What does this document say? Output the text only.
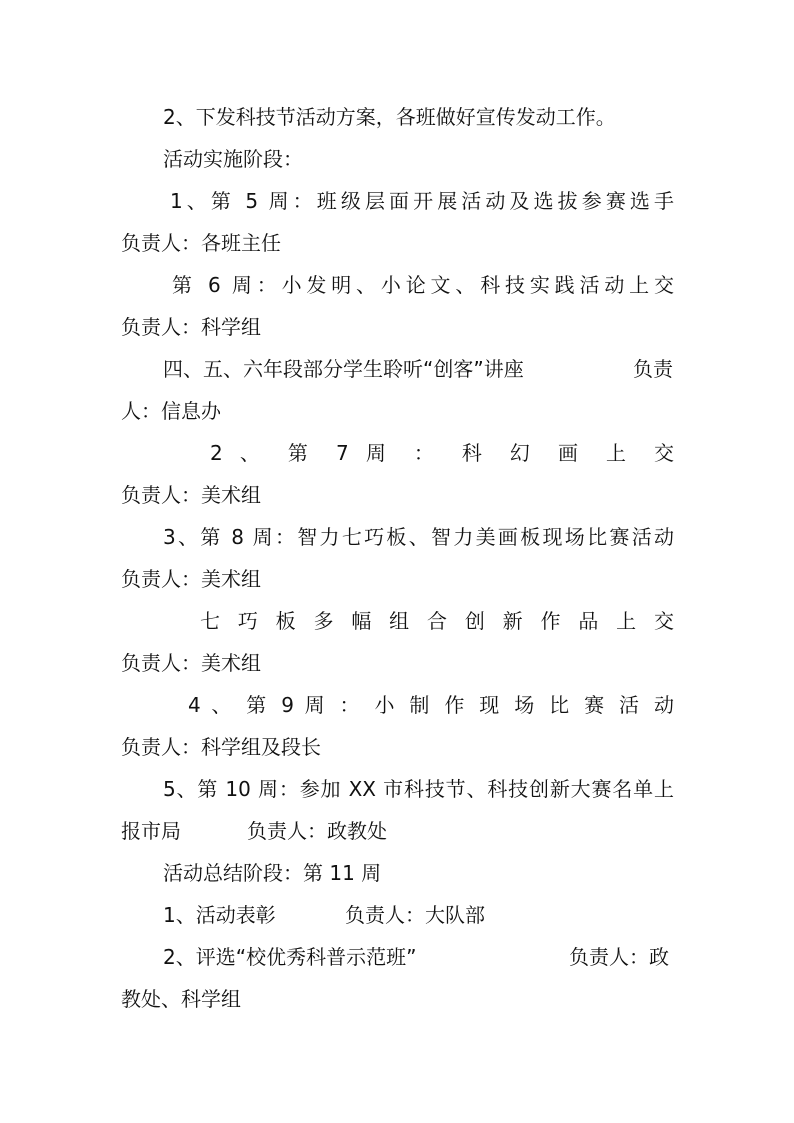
2、下发科技节活动方案，各班做好宣传发动工作。
活动实施阶段：
1、第 5 周：班级层面开展活动及选拔参赛选手
负责人：各班主任
第 6 周：小发明、小论文、科技实践活动上交
负责人：科学组
四、五、六年段部分学生聆听“创客”讲座	负责
人：信息办
2 、 第 7 周 ： 科 幻 画 上 交
负责人：美术组
3、第 8 周：智力七巧板、智力美画板现场比赛活动
负责人：美术组
七 巧 板 多 幅 组 合 创 新 作 品 上 交
负责人：美术组
4 、 第 9 周 ： 小 制 作 现 场 比 赛 活 动
负责人：科学组及段长
5、第 10 周：参加 XX 市科技节、科技创新大赛名单上
报市局	负责人：政教处
活动总结阶段：第 11 周
1、活动表彰	负责人：大队部
2、评选“校优秀科普示范班”	负责人：政
教处、科学组
